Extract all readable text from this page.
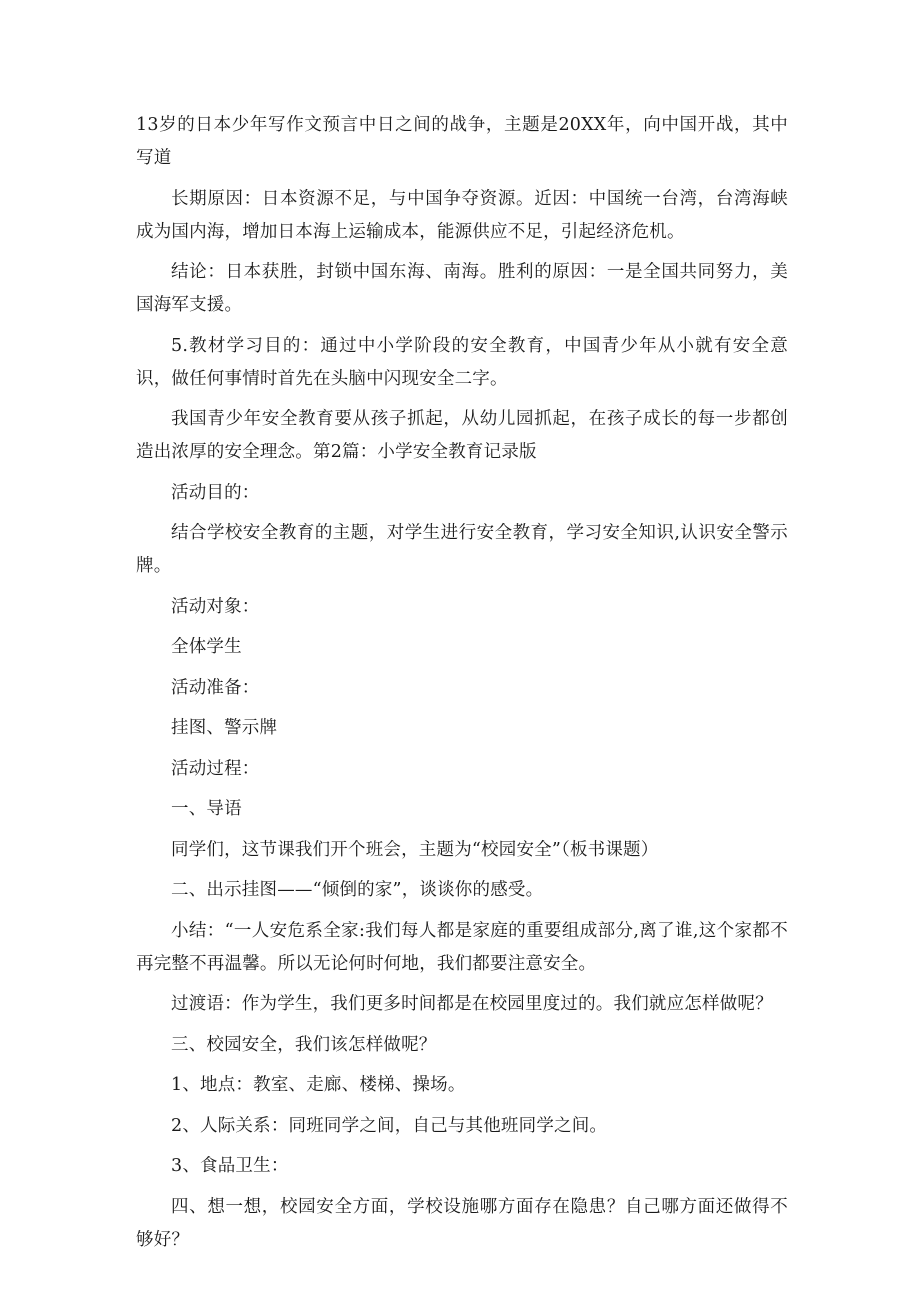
13岁的日本少年写作文预言中日之间的战争，主题是20XX年，向中国开战，其中写道

长期原因：日本资源不足，与中国争夺资源。近因：中国统一台湾，台湾海峡成为国内海，增加日本海上运输成本，能源供应不足，引起经济危机。

结论：日本获胜，封锁中国东海、南海。胜利的原因：一是全国共同努力，美国海军支援。

5.教材学习目的：通过中小学阶段的安全教育，中国青少年从小就有安全意识，做任何事情时首先在头脑中闪现安全二字。

我国青少年安全教育要从孩子抓起，从幼儿园抓起，在孩子成长的每一步都创造出浓厚的安全理念。第2篇：小学安全教育记录版

活动目的：

结合学校安全教育的主题，对学生进行安全教育，学习安全知识,认识安全警示牌。

活动对象：

全体学生

活动准备：

挂图、警示牌

活动过程：

一、导语

同学们，这节课我们开个班会，主题为“校园安全”（板书课题）

二、出示挂图——“倾倒的家”，谈谈你的感受。

小结：“一人安危系全家:我们每人都是家庭的重要组成部分,离了谁,这个家都不再完整不再温馨。所以无论何时何地，我们都要注意安全。

过渡语：作为学生，我们更多时间都是在校园里度过的。我们就应怎样做呢？

三、校园安全，我们该怎样做呢？

1、地点：教室、走廊、楼梯、操场。

2、人际关系：同班同学之间，自己与其他班同学之间。

3、食品卫生：

四、想一想，校园安全方面，学校设施哪方面存在隐患？自己哪方面还做得不够好？
